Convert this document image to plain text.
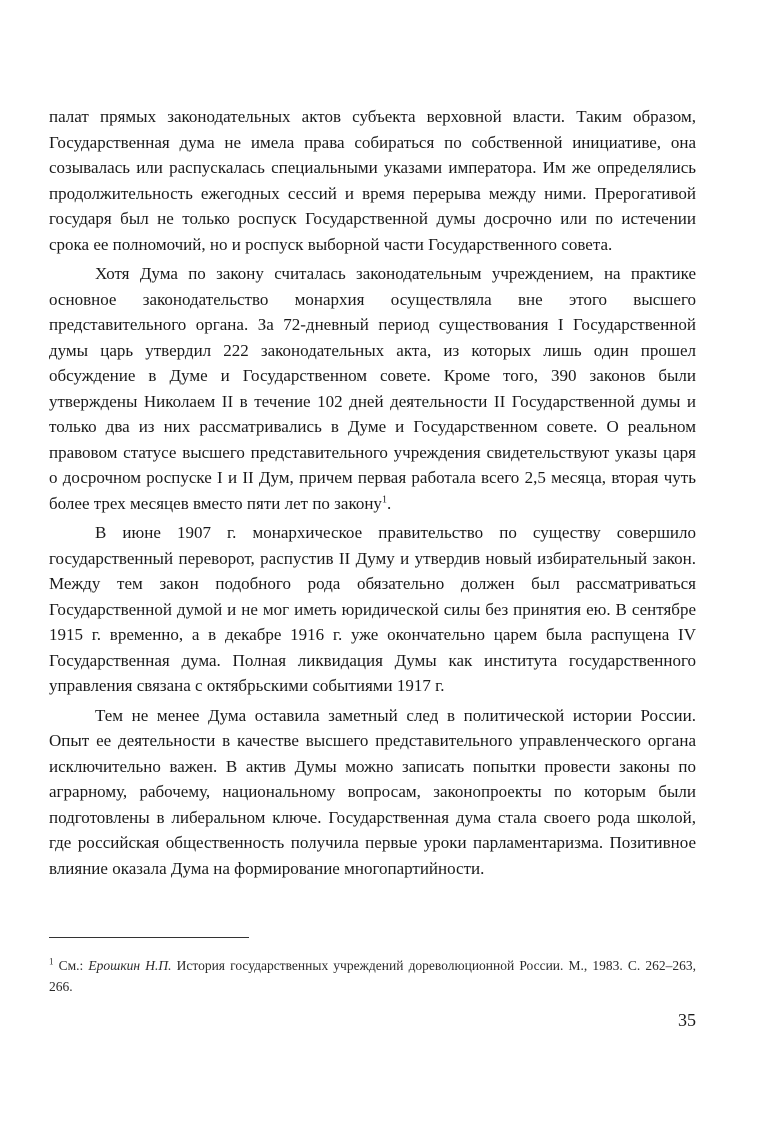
палат прямых законодательных актов субъекта верховной власти. Таким образом, Государственная дума не имела права собираться по собственной инициативе, она созывалась или распускалась специальными указами императора. Им же определялись продолжительность ежегодных сессий и время перерыва между ними. Прерогативой государя был не только роспуск Государственной думы досрочно или по истечении срока ее полномочий, но и роспуск выборной части Государственного совета.

Хотя Дума по закону считалась законодательным учреждением, на практике основное законодательство монархия осуществляла вне этого высшего представительного органа. За 72-дневный период существования I Государственной думы царь утвердил 222 законодательных акта, из которых лишь один прошел обсуждение в Думе и Государственном совете. Кроме того, 390 законов были утверждены Николаем II в течение 102 дней деятельности II Государственной думы и только два из них рассматривались в Думе и Государственном совете. О реальном правовом статусе высшего представительного учреждения свидетельствуют указы царя о досрочном роспуске I и II Дум, причем первая работала всего 2,5 месяца, вторая чуть более трех месяцев вместо пяти лет по закону$^1$.

В июне 1907 г. монархическое правительство по существу совершило государственный переворот, распустив II Думу и утвердив новый избирательный закон. Между тем закон подобного рода обязательно должен был рассматриваться Государственной думой и не мог иметь юридической силы без принятия ею. В сентябре 1915 г. временно, а в декабре 1916 г. уже окончательно царем была распущена IV Государственная дума. Полная ликвидация Думы как института государственного управления связана с октябрьскими событиями 1917 г.

Тем не менее Дума оставила заметный след в политической истории России. Опыт ее деятельности в качестве высшего представительного управленческого органа исключительно важен. В актив Думы можно записать попытки провести законы по аграрному, рабочему, национальному вопросам, законопроекты по которым были подготовлены в либеральном ключе. Государственная дума стала своего рода школой, где российская общественность получила первые уроки парламентаризма. Позитивное влияние оказала Дума на формирование многопартийности.

$^1$ См.: Ерошкин Н.П. История государственных учреждений дореволюционной России. М., 1983. С. 262–263, 266.
35
